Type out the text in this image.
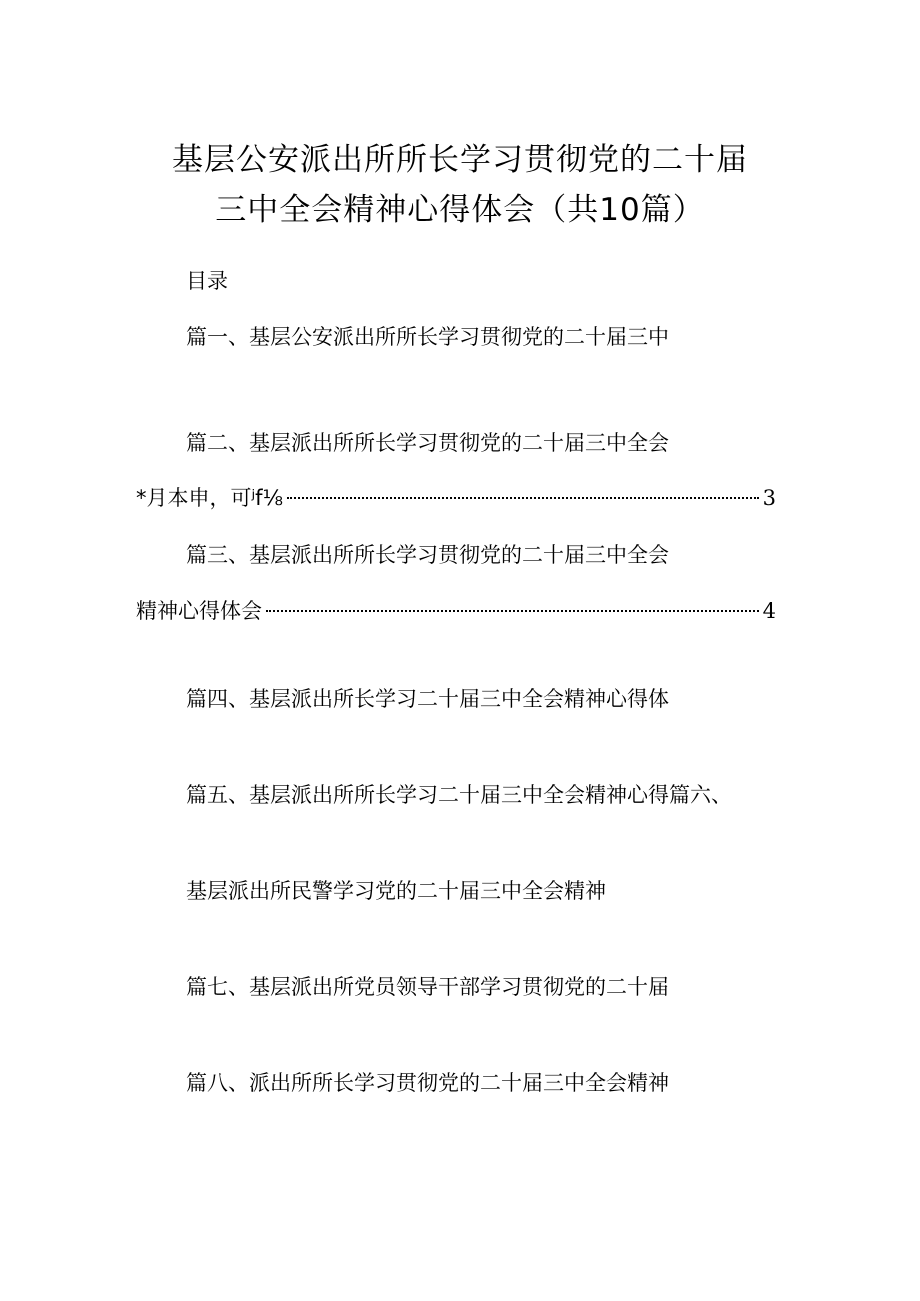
基层公安派出所所长学习贯彻党的二十届
三中全会精神心得体会（共10篇）
目录
篇一、基层公安派出所所长学习贯彻党的二十届三中
篇二、基层派出所所长学习贯彻党的二十届三中全会
*月本申，可ʲf⅛	3
篇三、基层派出所所长学习贯彻党的二十届三中全会
精神心得体会	4
篇四、基层派出所长学习二十届三中全会精神心得体
篇五、基层派出所所长学习二十届三中全会精神心得篇六、
基层派出所民警学习党的二十届三中全会精神
篇七、基层派出所党员领导干部学习贯彻党的二十届
篇八、派出所所长学习贯彻党的二十届三中全会精神
